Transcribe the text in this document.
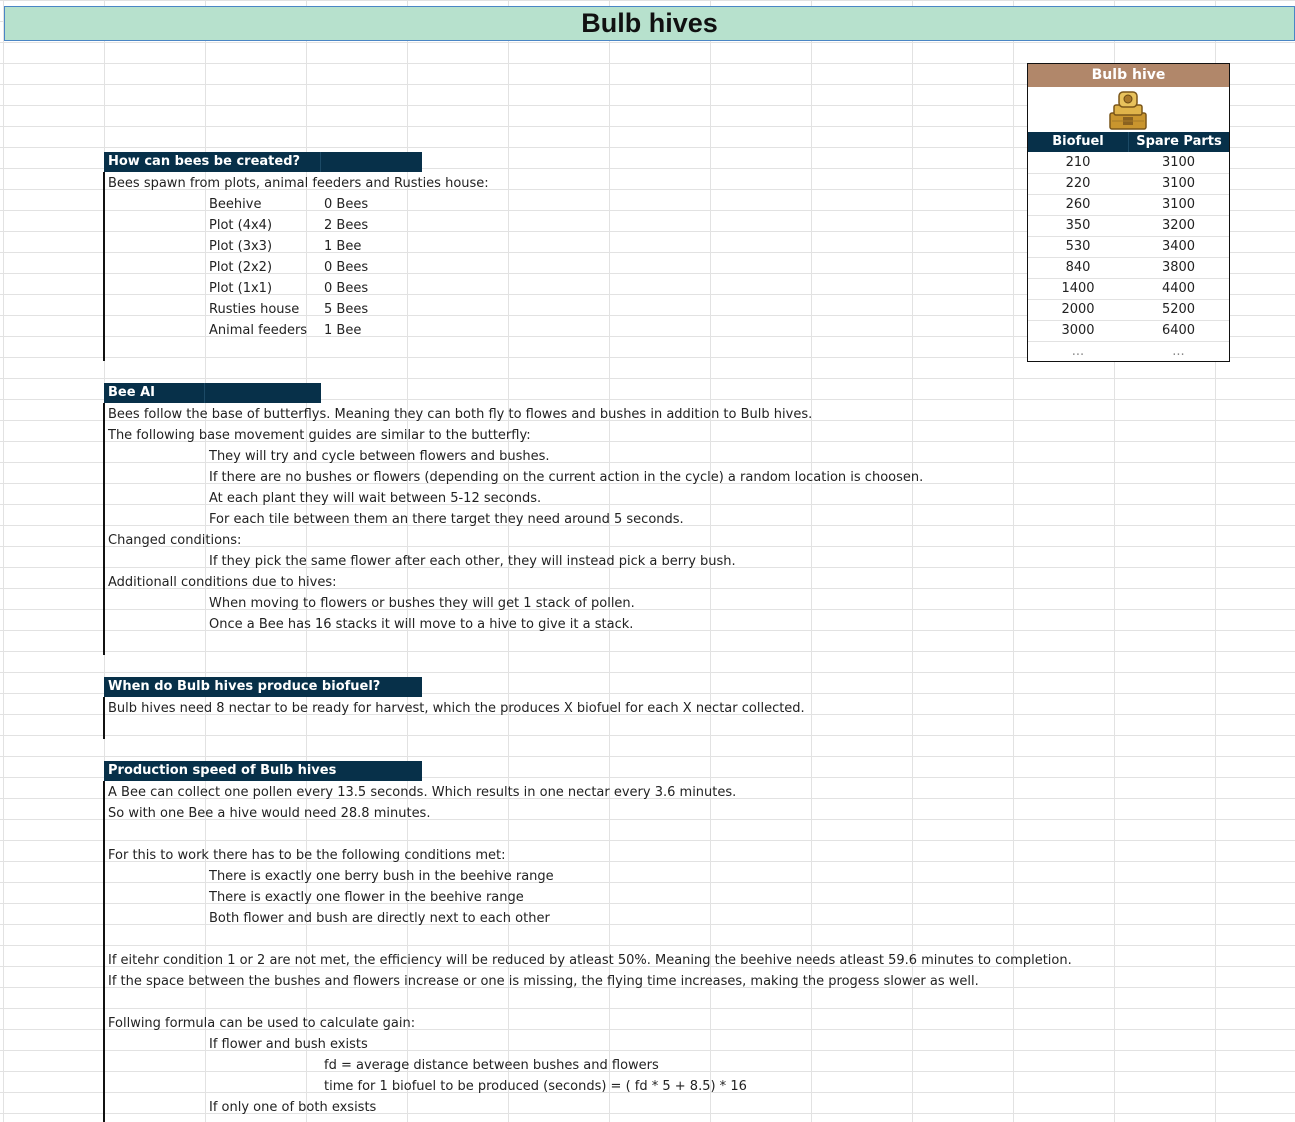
Bulb hives
Bulb hive
Biofuel	Spare Parts
210	3100
220	3100
260	3100
350	3200
530	3400
840	3800
1400	4400
2000	5200
3000	6400
...	...
How can bees be created?
Bees spawn from plots, animal feeders and Rusties house:
Beehive	0 Bees
Plot (4x4)	2 Bees
Plot (3x3)	1 Bee
Plot (2x2)	0 Bees
Plot (1x1)	0 Bees
Rusties house 5 Bees
Animal feeders 1 Bee
Bee AI
Bees follow the base of butterflys. Meaning they can both fly to flowes and bushes in addition to Bulb hives.
The following base movement guides are similar to the butterfly:
They will try and cycle between flowers and bushes.
If there are no bushes or flowers (depending on the current action in the cycle) a random location is choosen.
At each plant they will wait between 5-12 seconds.
For each tile between them an there target they need around 5 seconds.
Changed conditions:
If they pick the same flower after each other, they will instead pick a berry bush.
Additionall conditions due to hives:
When moving to flowers or bushes they will get 1 stack of pollen.
Once a Bee has 16 stacks it will move to a hive to give it a stack.
When do Bulb hives produce biofuel?
Bulb hives need 8 nectar to be ready for harvest, which the produces X biofuel for each X nectar collected.
Production speed of Bulb hives
A Bee can collect one pollen every 13.5 seconds. Which results in one nectar every 3.6 minutes.
So with one Bee a hive would need 28.8 minutes.
For this to work there has to be the following conditions met:
There is exactly one berry bush in the beehive range
There is exactly one flower in the beehive range
Both flower and bush are directly next to each other
If eitehr condition 1 or 2 are not met, the efficiency will be reduced by atleast 50%. Meaning the beehive needs atleast 59.6 minutes to completion.
If the space between the bushes and flowers increase or one is missing, the flying time increases, making the progess slower as well.
Follwing formula can be used to calculate gain:
If flower and bush exists
fd = average distance between bushes and flowers
time for 1 biofuel to be produced (seconds) = ( fd * 5 + 8.5) * 16
If only one of both exsists
